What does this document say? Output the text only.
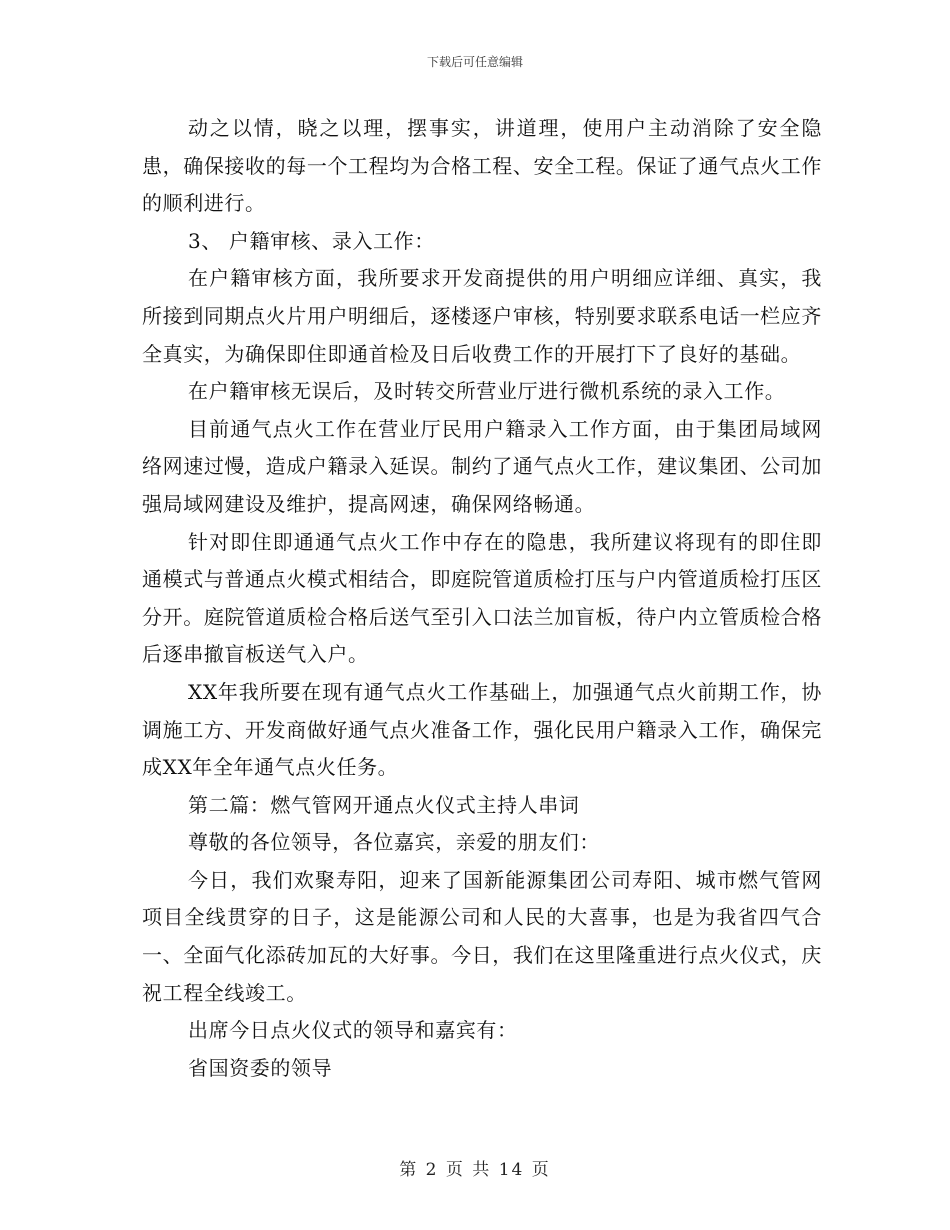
下载后可任意编辑

动之以情，晓之以理，摆事实，讲道理，使用户主动消除了安全隐患，确保接收的每一个工程均为合格工程、安全工程。保证了通气点火工作的顺利进行。

3、 户籍审核、录入工作：

在户籍审核方面，我所要求开发商提供的用户明细应详细、真实，我所接到同期点火片用户明细后，逐楼逐户审核，特别要求联系电话一栏应齐全真实，为确保即住即通首检及日后收费工作的开展打下了良好的基础。

在户籍审核无误后，及时转交所营业厅进行微机系统的录入工作。

目前通气点火工作在营业厅民用户籍录入工作方面，由于集团局域网络网速过慢，造成户籍录入延误。制约了通气点火工作，建议集团、公司加强局域网建设及维护，提高网速，确保网络畅通。

针对即住即通通气点火工作中存在的隐患，我所建议将现有的即住即通模式与普通点火模式相结合，即庭院管道质检打压与户内管道质检打压区分开。庭院管道质检合格后送气至引入口法兰加盲板，待户内立管质检合格后逐串撤盲板送气入户。

XX年我所要在现有通气点火工作基础上，加强通气点火前期工作，协调施工方、开发商做好通气点火准备工作，强化民用户籍录入工作，确保完成XX年全年通气点火任务。

第二篇：燃气管网开通点火仪式主持人串词

尊敬的各位领导，各位嘉宾，亲爱的朋友们：

今日，我们欢聚寿阳，迎来了国新能源集团公司寿阳、城市燃气管网项目全线贯穿的日子，这是能源公司和人民的大喜事，也是为我省四气合一、全面气化添砖加瓦的大好事。今日，我们在这里隆重进行点火仪式，庆祝工程全线竣工。

出席今日点火仪式的领导和嘉宾有：

省国资委的领导

第 2 页 共 14 页
